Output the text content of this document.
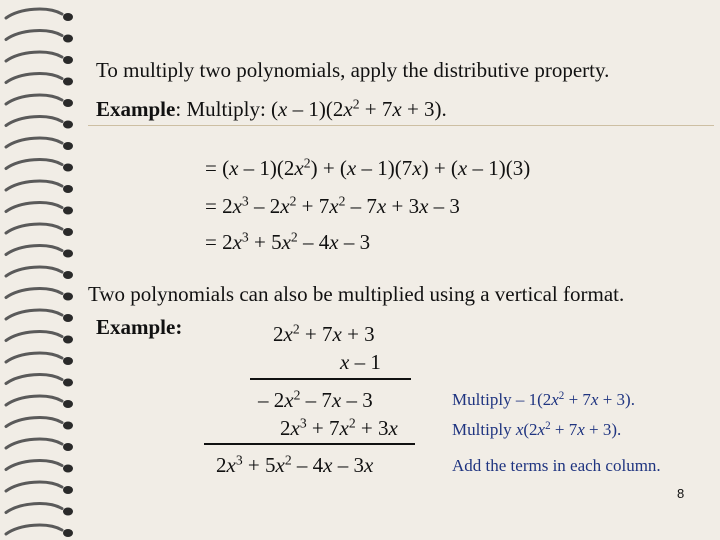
To multiply two polynomials, apply the distributive property.
Example: Multiply: $(x - 1)(2x^2 + 7x + 3)$.
= $(x - 1)(2x^2) + (x - 1)(7x) + (x - 1)(3)$
= $2x^3 - 2x^2 + 7x^2 - 7x + 3x - 3$
= $2x^3 + 5x^2 - 4x - 3$
Two polynomials can also be multiplied using a vertical format.
Example:	$2x^2 + 7x + 3$
x – 1
– $2x^2 - 7x - 3$
$2x^3 + 7x^2 + 3x$
$2x^3 + 5x^2 - 4x - 3x$
Multiply – $1(2x^2 + 7x + 3)$.
Multiply $x(2x^2 + 7x + 3)$.
Add the terms in each column.
8
